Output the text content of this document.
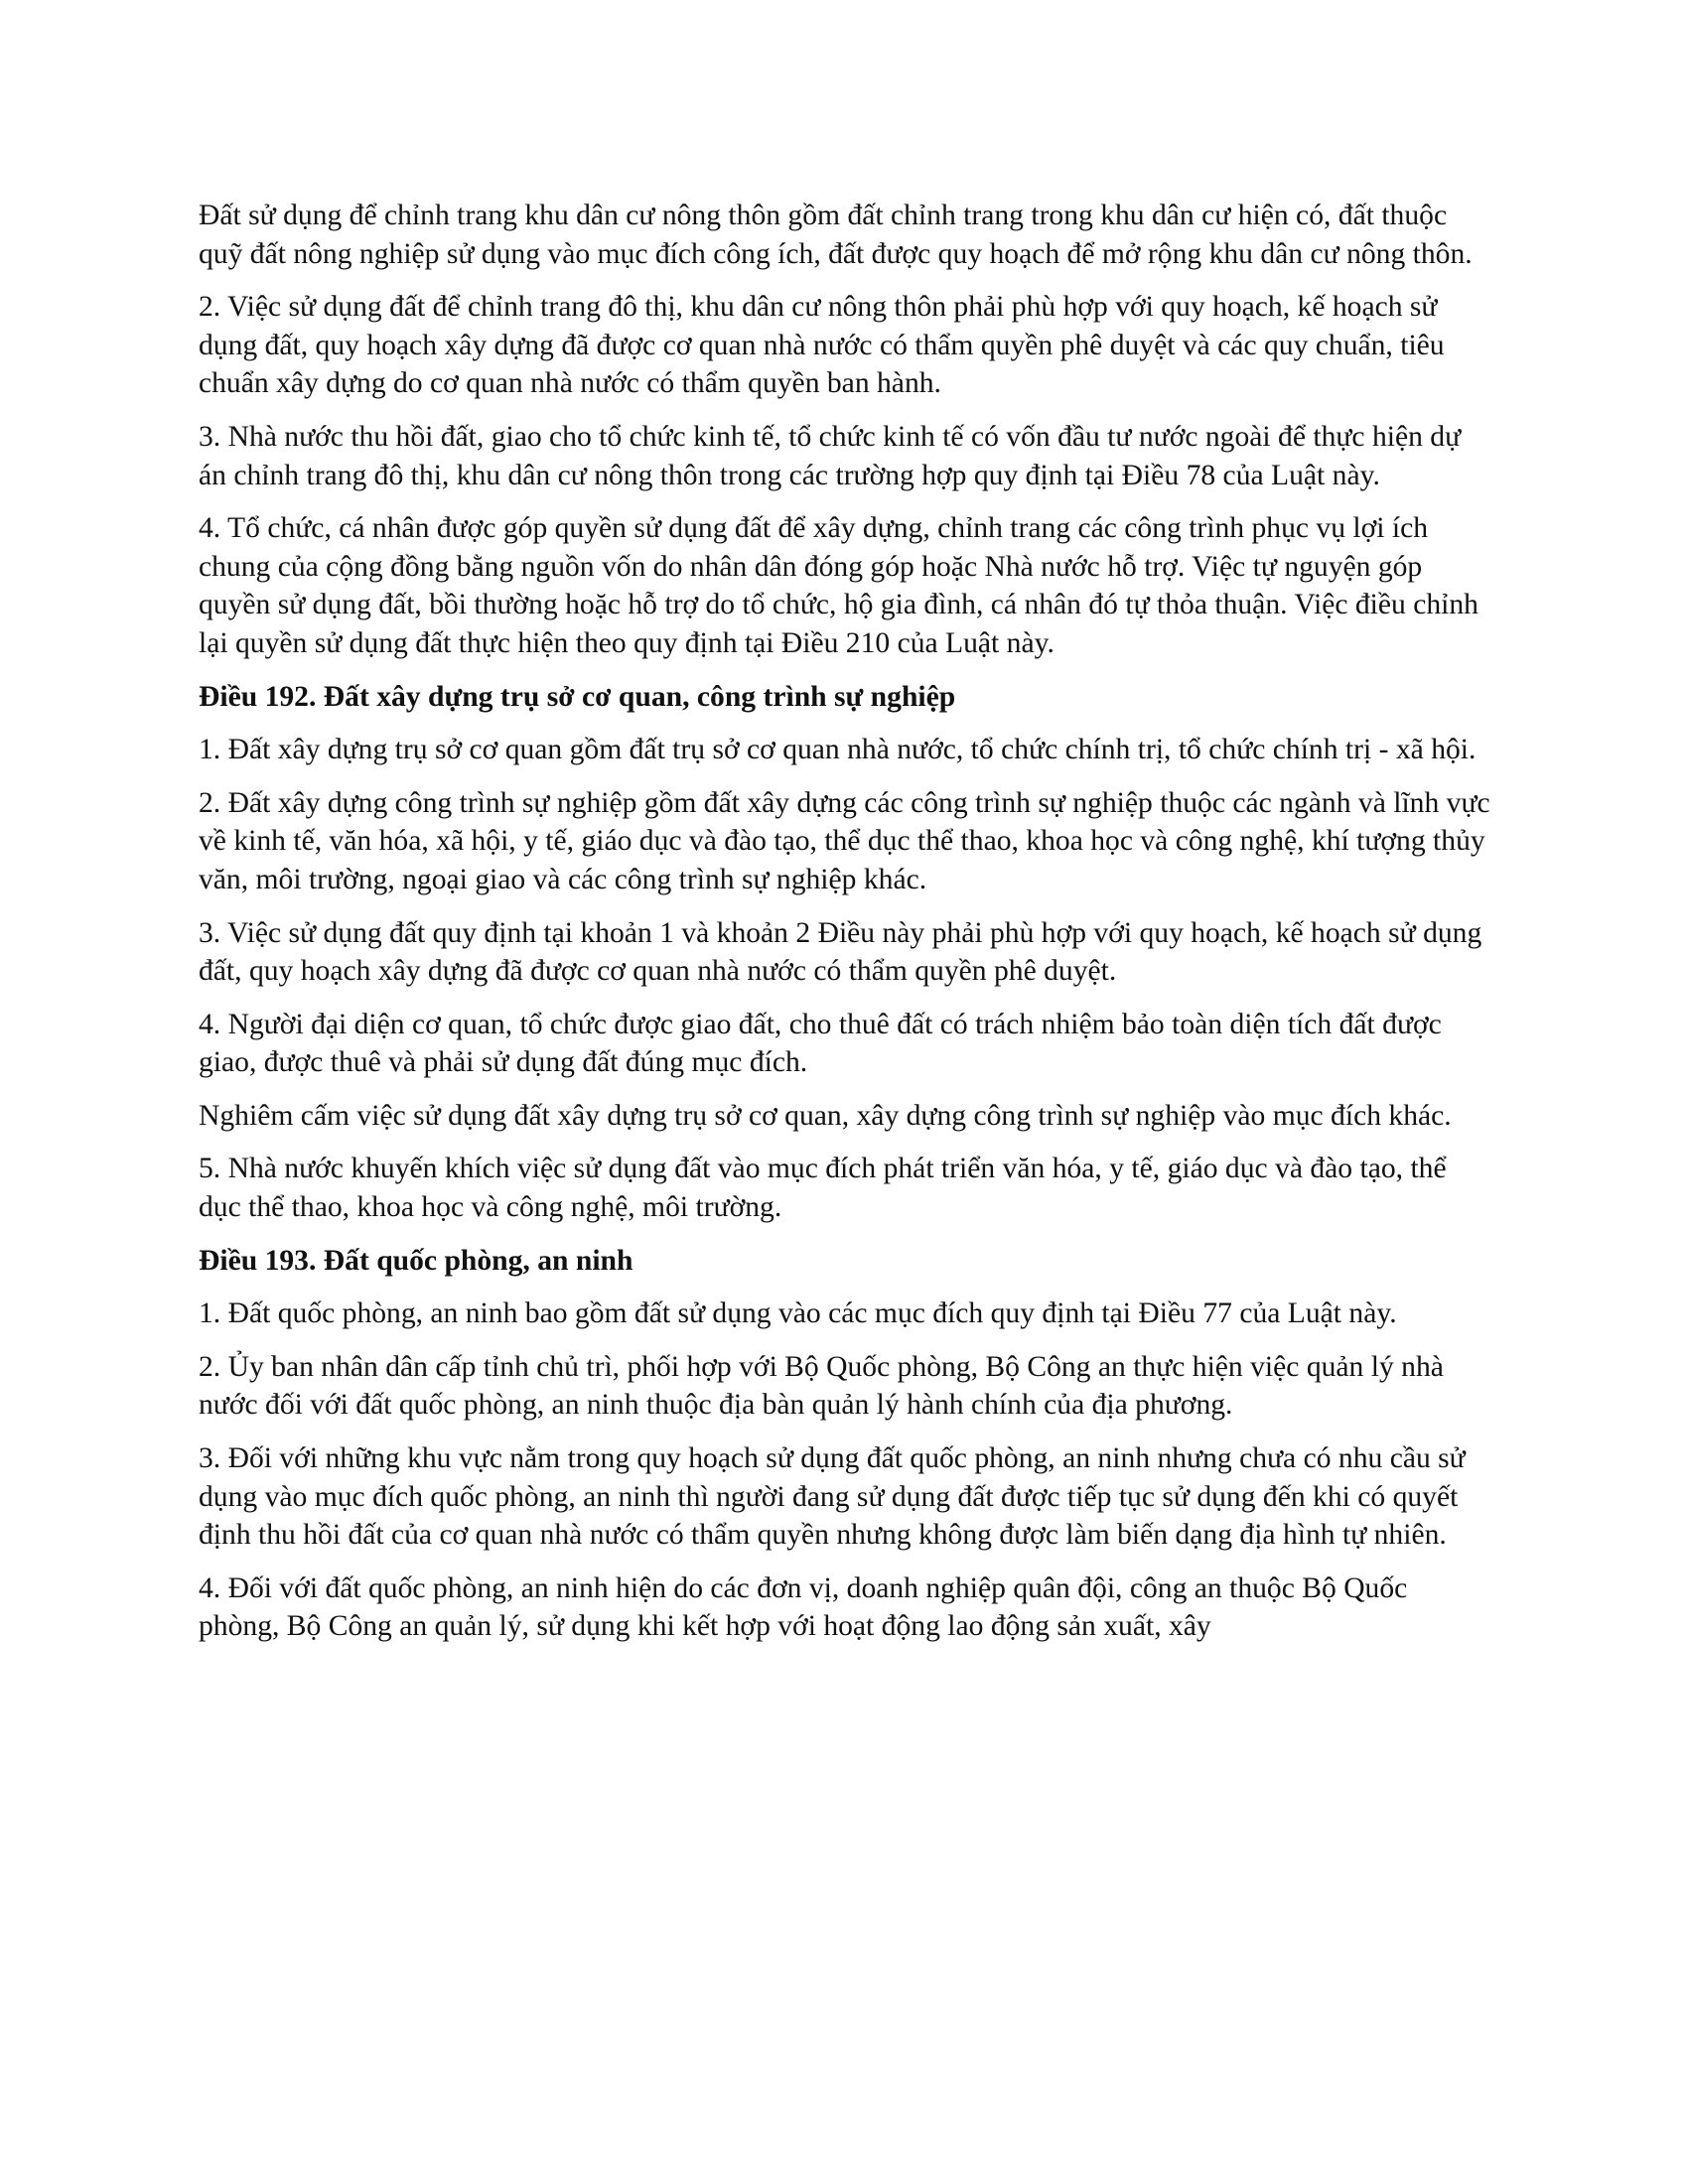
Đất sử dụng để chỉnh trang khu dân cư nông thôn gồm đất chỉnh trang trong khu dân cư hiện có, đất thuộc quỹ đất nông nghiệp sử dụng vào mục đích công ích, đất được quy hoạch để mở rộng khu dân cư nông thôn.

2. Việc sử dụng đất để chỉnh trang đô thị, khu dân cư nông thôn phải phù hợp với quy hoạch, kế hoạch sử dụng đất, quy hoạch xây dựng đã được cơ quan nhà nước có thẩm quyền phê duyệt và các quy chuẩn, tiêu chuẩn xây dựng do cơ quan nhà nước có thẩm quyền ban hành.

3. Nhà nước thu hồi đất, giao cho tổ chức kinh tế, tổ chức kinh tế có vốn đầu tư nước ngoài để thực hiện dự án chỉnh trang đô thị, khu dân cư nông thôn trong các trường hợp quy định tại Điều 78 của Luật này.

4. Tổ chức, cá nhân được góp quyền sử dụng đất để xây dựng, chỉnh trang các công trình phục vụ lợi ích chung của cộng đồng bằng nguồn vốn do nhân dân đóng góp hoặc Nhà nước hỗ trợ. Việc tự nguyện góp quyền sử dụng đất, bồi thường hoặc hỗ trợ do tổ chức, hộ gia đình, cá nhân đó tự thỏa thuận. Việc điều chỉnh lại quyền sử dụng đất thực hiện theo quy định tại Điều 210 của Luật này.

Điều 192. Đất xây dựng trụ sở cơ quan, công trình sự nghiệp

1. Đất xây dựng trụ sở cơ quan gồm đất trụ sở cơ quan nhà nước, tổ chức chính trị, tổ chức chính trị - xã hội.

2. Đất xây dựng công trình sự nghiệp gồm đất xây dựng các công trình sự nghiệp thuộc các ngành và lĩnh vực về kinh tế, văn hóa, xã hội, y tế, giáo dục và đào tạo, thể dục thể thao, khoa học và công nghệ, khí tượng thủy văn, môi trường, ngoại giao và các công trình sự nghiệp khác.

3. Việc sử dụng đất quy định tại khoản 1 và khoản 2 Điều này phải phù hợp với quy hoạch, kế hoạch sử dụng đất, quy hoạch xây dựng đã được cơ quan nhà nước có thẩm quyền phê duyệt.

4. Người đại diện cơ quan, tổ chức được giao đất, cho thuê đất có trách nhiệm bảo toàn diện tích đất được giao, được thuê và phải sử dụng đất đúng mục đích.

Nghiêm cấm việc sử dụng đất xây dựng trụ sở cơ quan, xây dựng công trình sự nghiệp vào mục đích khác.

5. Nhà nước khuyến khích việc sử dụng đất vào mục đích phát triển văn hóa, y tế, giáo dục và đào tạo, thể dục thể thao, khoa học và công nghệ, môi trường.

Điều 193. Đất quốc phòng, an ninh

1. Đất quốc phòng, an ninh bao gồm đất sử dụng vào các mục đích quy định tại Điều 77 của Luật này.

2. Ủy ban nhân dân cấp tỉnh chủ trì, phối hợp với Bộ Quốc phòng, Bộ Công an thực hiện việc quản lý nhà nước đối với đất quốc phòng, an ninh thuộc địa bàn quản lý hành chính của địa phương.

3. Đối với những khu vực nằm trong quy hoạch sử dụng đất quốc phòng, an ninh nhưng chưa có nhu cầu sử dụng vào mục đích quốc phòng, an ninh thì người đang sử dụng đất được tiếp tục sử dụng đến khi có quyết định thu hồi đất của cơ quan nhà nước có thẩm quyền nhưng không được làm biến dạng địa hình tự nhiên.

4. Đối với đất quốc phòng, an ninh hiện do các đơn vị, doanh nghiệp quân đội, công an thuộc Bộ Quốc phòng, Bộ Công an quản lý, sử dụng khi kết hợp với hoạt động lao động sản xuất, xây
